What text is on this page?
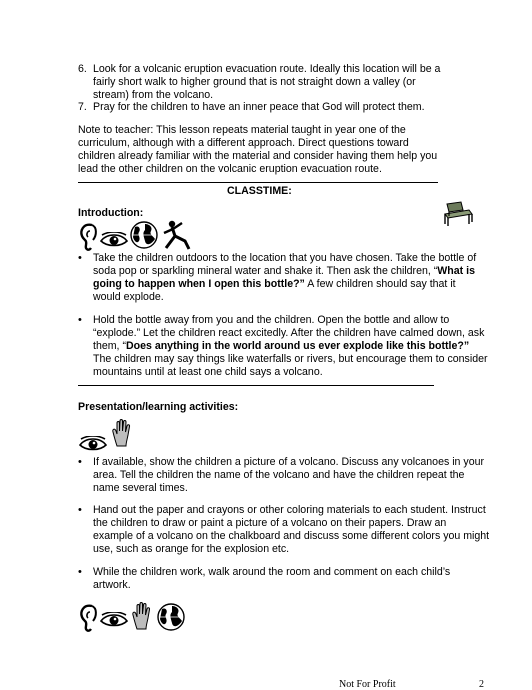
6. Look for a volcanic eruption evacuation route. Ideally this location will be a
fairly short walk to higher ground that is not straight down a valley (or
stream) from the volcano.
7. Pray for the children to have an inner peace that God will protect them.
Note to teacher: This lesson repeats material taught in year one of the
curriculum, although with a different approach. Direct questions toward
children already familiar with the material and consider having them help you
lead the other children on the volcanic eruption evacuation route.
CLASSTIME:
Introduction:
• Take the children outdoors to the location that you have chosen. Take the bottle of
soda pop or sparkling mineral water and shake it. Then ask the children, “What is
going to happen when I open this bottle?” A few children should say that it
would explode.
• Hold the bottle away from you and the children. Open the bottle and allow to
“explode.” Let the children react excitedly. After the children have calmed down, ask
them, “Does anything in the world around us ever explode like this bottle?”
The children may say things like waterfalls or rivers, but encourage them to consider
mountains until at least one child says a volcano.
Presentation/learning activities:
• If available, show the children a picture of a volcano. Discuss any volcanoes in your
area. Tell the children the name of the volcano and have the children repeat the
name several times.
• Hand out the paper and crayons or other coloring materials to each student. Instruct
the children to draw or paint a picture of a volcano on their papers. Draw an
example of a volcano on the chalkboard and discuss some different colors you might
use, such as orange for the explosion etc.
• While the children work, walk around the room and comment on each child’s
artwork.
Not For Profit	2
